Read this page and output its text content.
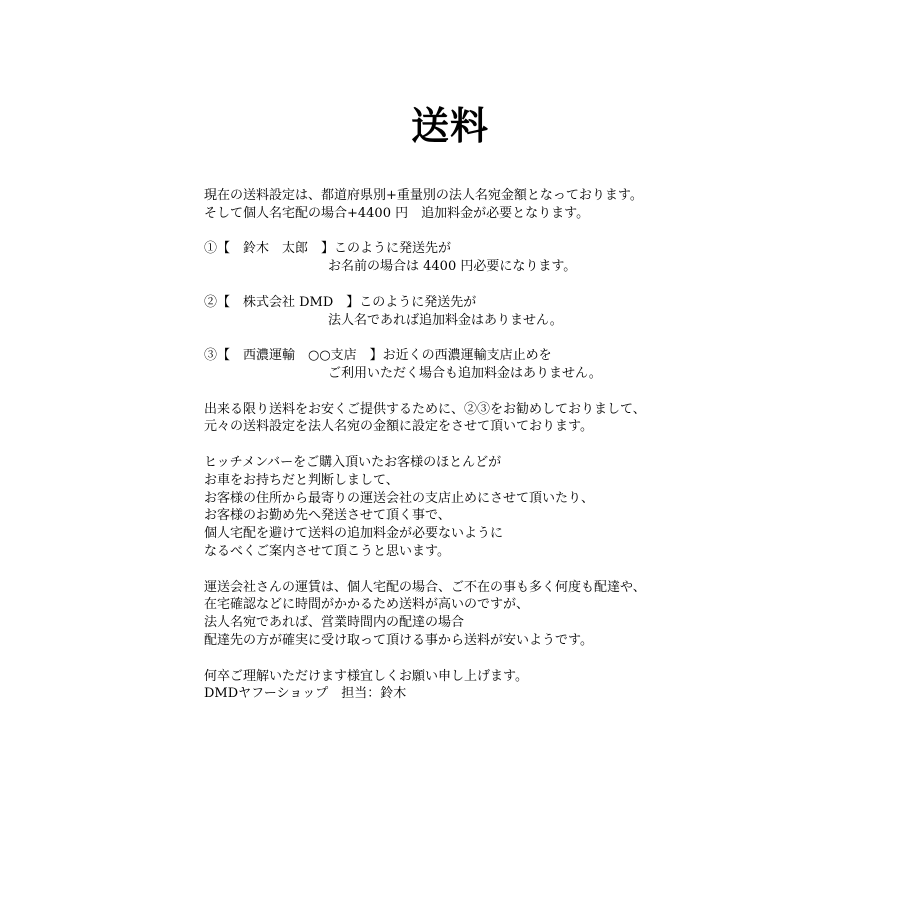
送料
現在の送料設定は、都道府県別+重量別の法人名宛金額となっております。
そして個人名宅配の場合+4400 円　追加料金が必要となります。
①【　鈴木　太郎　】このように発送先が
お名前の場合は 4400 円必要になります。
②【　株式会社 DMD　】このように発送先が
法人名であれば追加料金はありません。
③【　西濃運輸　○○支店　】お近くの西濃運輸支店止めを
ご利用いただく場合も追加料金はありません。
出来る限り送料をお安くご提供するために、②③をお勧めしておりまして、
元々の送料設定を法人名宛の金額に設定をさせて頂いております。
ヒッチメンバーをご購入頂いたお客様のほとんどが
お車をお持ちだと判断しまして、
お客様の住所から最寄りの運送会社の支店止めにさせて頂いたり、
お客様のお勤め先へ発送させて頂く事で、
個人宅配を避けて送料の追加料金が必要ないように
なるべくご案内させて頂こうと思います。
運送会社さんの運賃は、個人宅配の場合、ご不在の事も多く何度も配達や、
在宅確認などに時間がかかるため送料が高いのですが、
法人名宛であれば、営業時間内の配達の場合
配達先の方が確実に受け取って頂ける事から送料が安いようです。
何卒ご理解いただけます様宜しくお願い申し上げます。
DMDヤフーショップ　担当：鈴木
